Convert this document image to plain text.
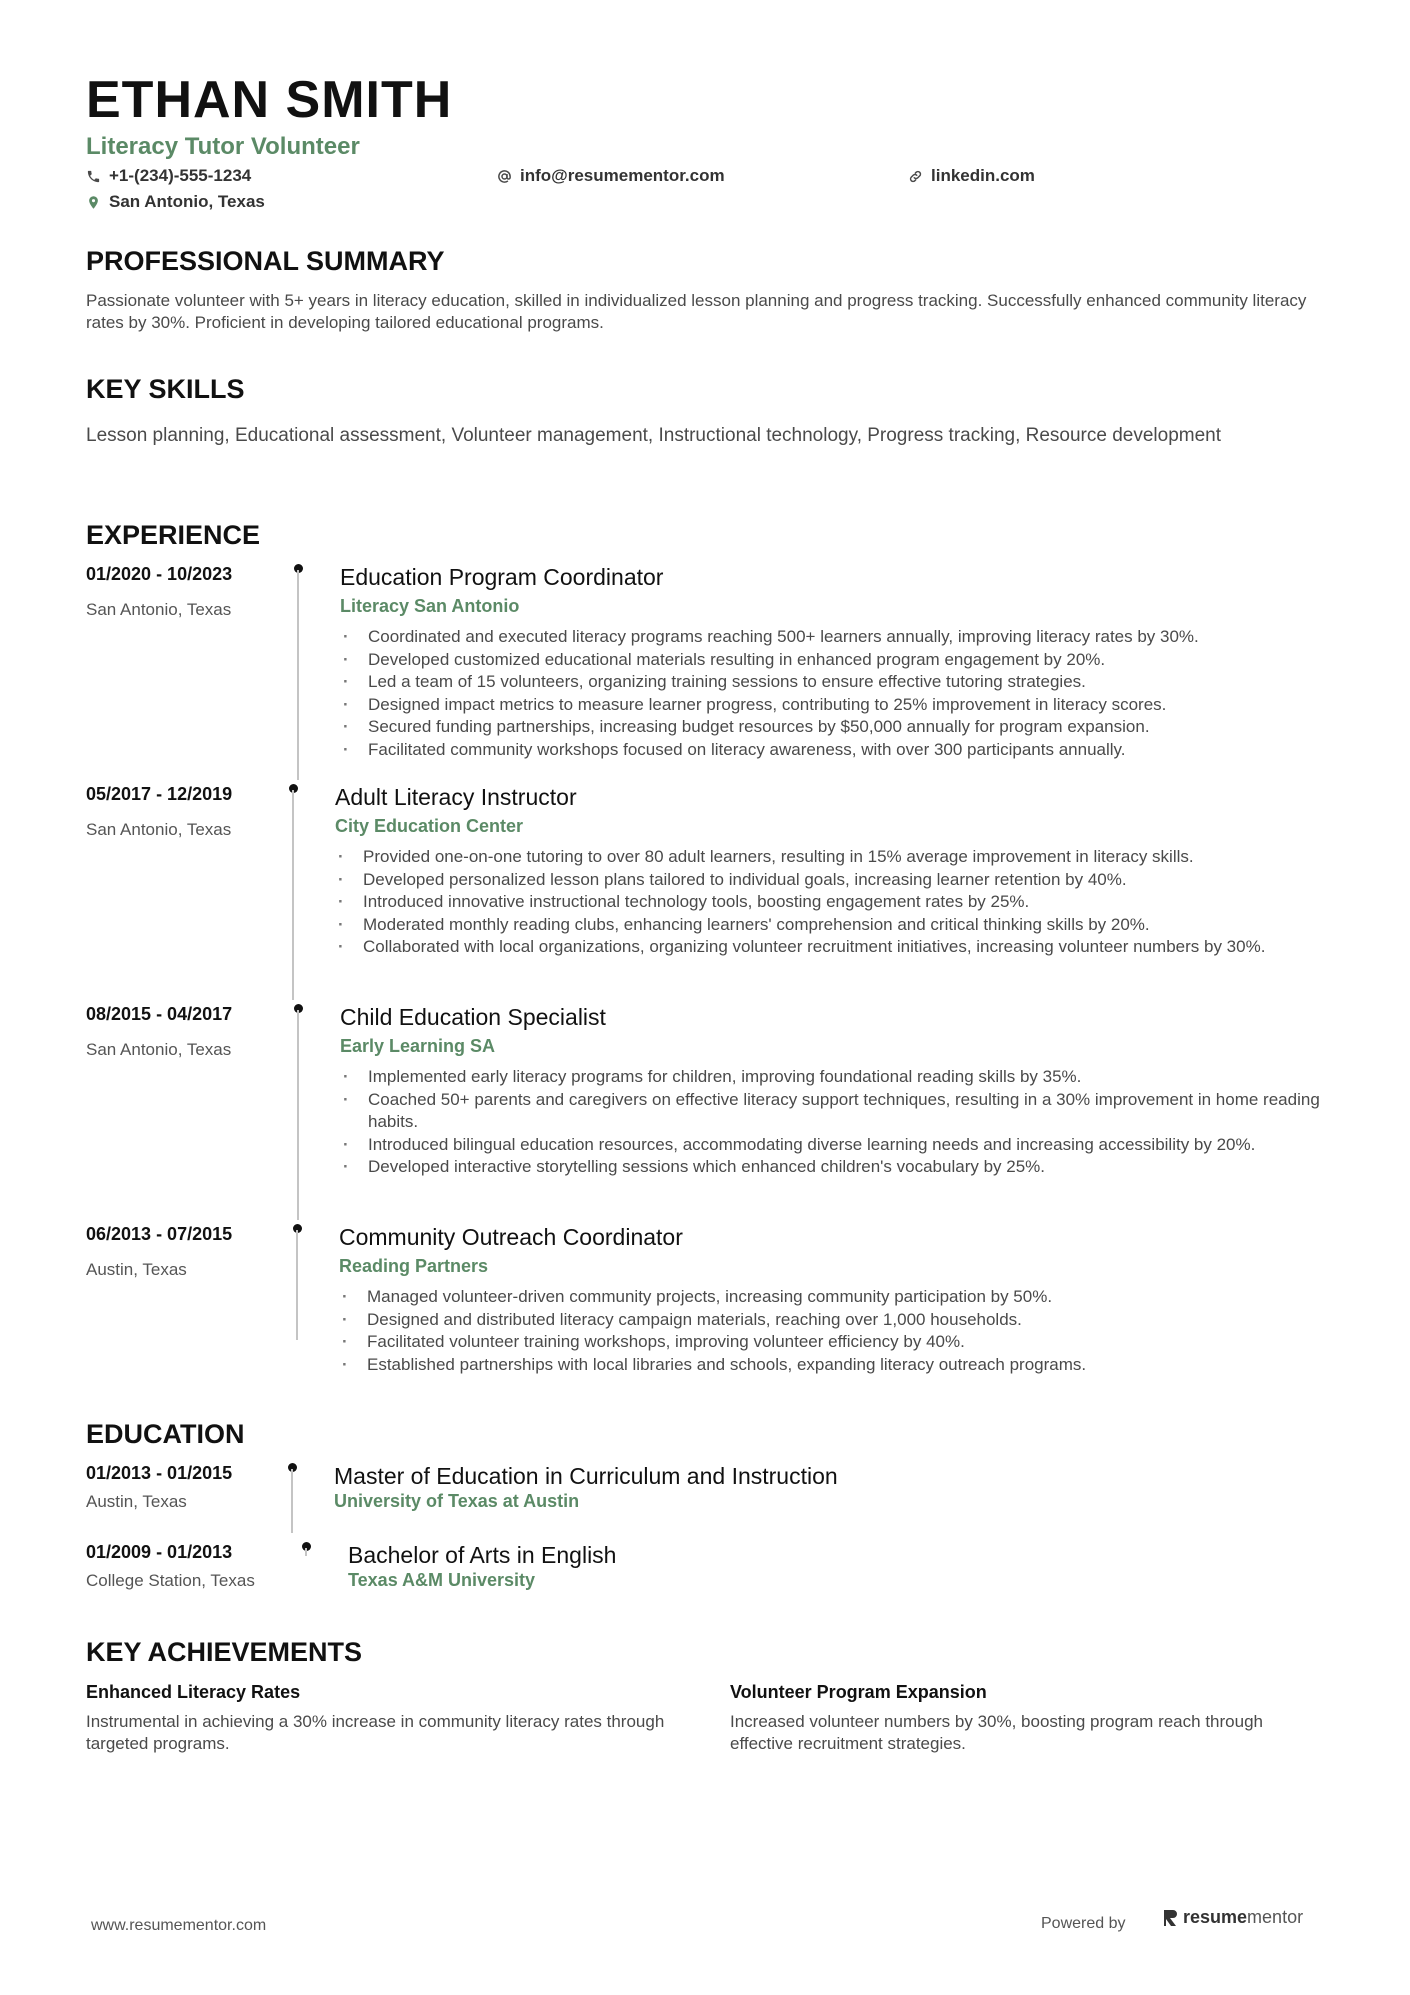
ETHAN SMITH
Literacy Tutor Volunteer
+1-(234)-555-1234	info@resumementor.com	linkedin.com
San Antonio, Texas
PROFESSIONAL SUMMARY
Passionate volunteer with 5+ years in literacy education, skilled in individualized lesson planning and progress tracking. Successfully enhanced community literacy rates by 30%. Proficient in developing tailored educational programs.
KEY SKILLS
Lesson planning, Educational assessment, Volunteer management, Instructional technology, Progress tracking, Resource development
EXPERIENCE
01/2020 - 10/2023
San Antonio, Texas
Education Program Coordinator
Literacy San Antonio
· Coordinated and executed literacy programs reaching 500+ learners annually, improving literacy rates by 30%.
· Developed customized educational materials resulting in enhanced program engagement by 20%.
· Led a team of 15 volunteers, organizing training sessions to ensure effective tutoring strategies.
· Designed impact metrics to measure learner progress, contributing to 25% improvement in literacy scores.
· Secured funding partnerships, increasing budget resources by $50,000 annually for program expansion.
· Facilitated community workshops focused on literacy awareness, with over 300 participants annually.
05/2017 - 12/2019
San Antonio, Texas
Adult Literacy Instructor
City Education Center
· Provided one-on-one tutoring to over 80 adult learners, resulting in 15% average improvement in literacy skills.
· Developed personalized lesson plans tailored to individual goals, increasing learner retention by 40%.
· Introduced innovative instructional technology tools, boosting engagement rates by 25%.
· Moderated monthly reading clubs, enhancing learners' comprehension and critical thinking skills by 20%.
· Collaborated with local organizations, organizing volunteer recruitment initiatives, increasing volunteer numbers by 30%.
08/2015 - 04/2017
San Antonio, Texas
Child Education Specialist
Early Learning SA
· Implemented early literacy programs for children, improving foundational reading skills by 35%.
· Coached 50+ parents and caregivers on effective literacy support techniques, resulting in a 30% improvement in home reading habits.
· Introduced bilingual education resources, accommodating diverse learning needs and increasing accessibility by 20%.
· Developed interactive storytelling sessions which enhanced children's vocabulary by 25%.
06/2013 - 07/2015
Austin, Texas
Community Outreach Coordinator
Reading Partners
· Managed volunteer-driven community projects, increasing community participation by 50%.
· Designed and distributed literacy campaign materials, reaching over 1,000 households.
· Facilitated volunteer training workshops, improving volunteer efficiency by 40%.
· Established partnerships with local libraries and schools, expanding literacy outreach programs.
EDUCATION
01/2013 - 01/2015
Austin, Texas
Master of Education in Curriculum and Instruction
University of Texas at Austin
01/2009 - 01/2013
College Station, Texas
Bachelor of Arts in English
Texas A&M University
KEY ACHIEVEMENTS
Enhanced Literacy Rates
Instrumental in achieving a 30% increase in community literacy rates through targeted programs.
Volunteer Program Expansion
Increased volunteer numbers by 30%, boosting program reach through effective recruitment strategies.
www.resumementor.com	Powered by	resumementor
